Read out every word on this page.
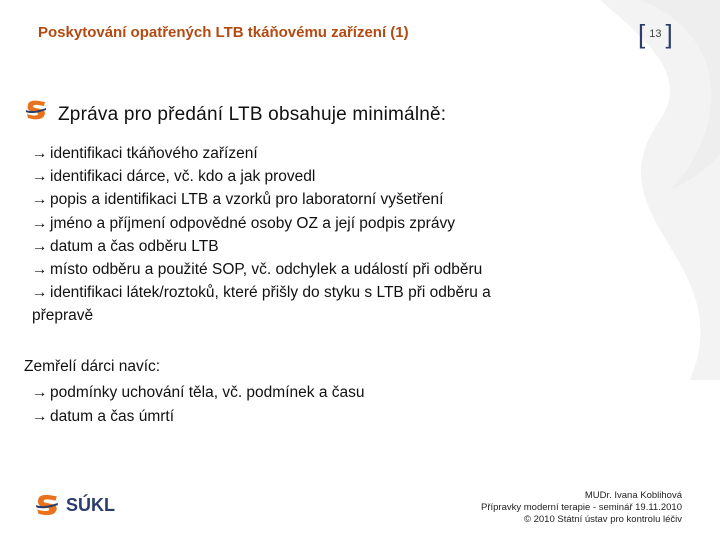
Poskytování opatřených LTB tkáňovému zařízení (1)	[ 13 ]
Zpráva pro předání LTB obsahuje minimálně:
→ identifikaci tkáňového zařízení
→ identifikaci dárce, vč. kdo a jak provedl
→ popis a identifikaci LTB a vzorků pro laboratorní vyšetření
→ jméno a příjmení odpovědné osoby OZ a její podpis zprávy
→ datum a čas odběru LTB
→ místo odběru a použité SOP, vč. odchylek a událostí při odběru
→ identifikaci látek/roztoků, které přišly do styku s LTB při odběru a
přepravě
Zemřelí dárci navíc:
→ podmínky uchování těla, vč. podmínek a času
→ datum a čas úmrtí
SÚKL	MUDr. Ivana Koblihová
Přípravky moderní terapie - seminář 19.11.2010
© 2010 Státní ústav pro kontrolu léčiv
